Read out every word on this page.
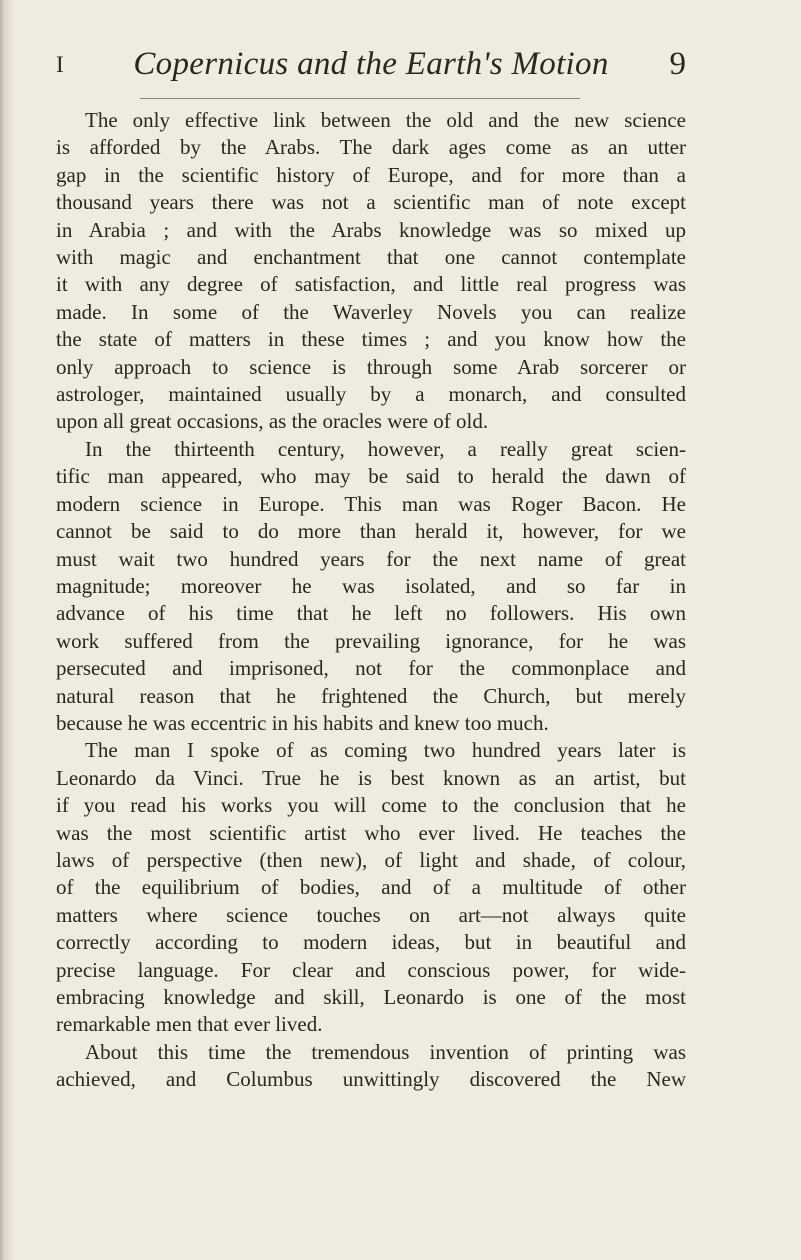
I	Copernicus and the Earth's Motion	9

The only effective link between the old and the new science
is afforded by the Arabs. The dark ages come as an utter
gap in the scientific history of Europe, and for more than a
thousand years there was not a scientific man of note except
in Arabia ; and with the Arabs knowledge was so mixed up
with magic and enchantment that one cannot contemplate
it with any degree of satisfaction, and little real progress was
made. In some of the Waverley Novels you can realize
the state of matters in these times ; and you know how the
only approach to science is through some Arab sorcerer or
astrologer, maintained usually by a monarch, and consulted
upon all great occasions, as the oracles were of old.

In the thirteenth century, however, a really great scien-
tific man appeared, who may be said to herald the dawn of
modern science in Europe. This man was Roger Bacon. He
cannot be said to do more than herald it, however, for we
must wait two hundred years for the next name of great
magnitude; moreover he was isolated, and so far in
advance of his time that he left no followers. His own
work suffered from the prevailing ignorance, for he was
persecuted and imprisoned, not for the commonplace and
natural reason that he frightened the Church, but merely
because he was eccentric in his habits and knew too much.

The man I spoke of as coming two hundred years later is
Leonardo da Vinci. True he is best known as an artist, but
if you read his works you will come to the conclusion that he
was the most scientific artist who ever lived. He teaches the
laws of perspective (then new), of light and shade, of colour,
of the equilibrium of bodies, and of a multitude of other
matters where science touches on art—not always quite
correctly according to modern ideas, but in beautiful and
precise language. For clear and conscious power, for wide-
embracing knowledge and skill, Leonardo is one of the most
remarkable men that ever lived.

About this time the tremendous invention of printing was
achieved, and Columbus unwittingly discovered the New
